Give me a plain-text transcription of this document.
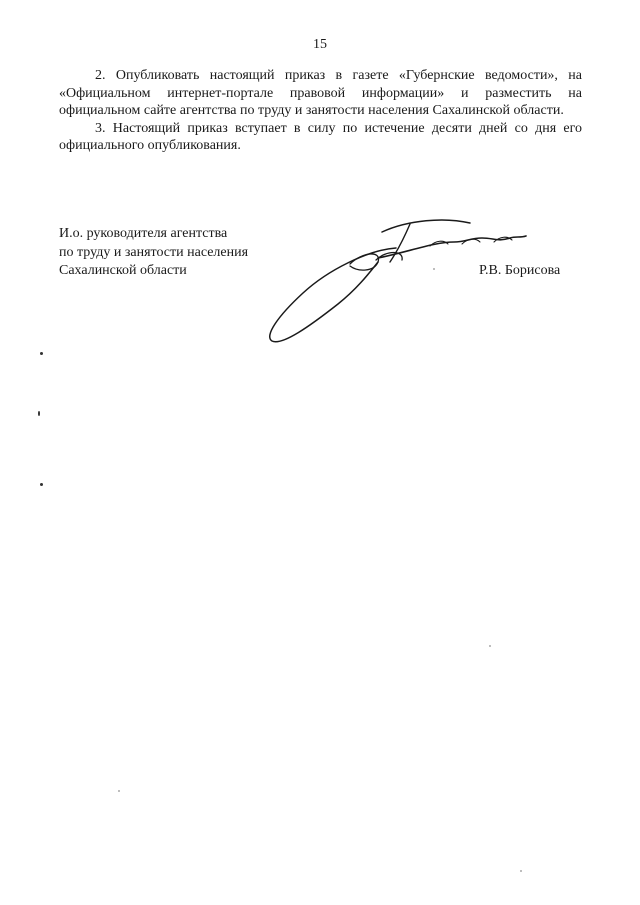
15

2. Опубликовать настоящий приказ в газете «Губернские ведомости», на «Официальном интернет-портале правовой информации» и разместить на официальном сайте агентства по труду и занятости населения Сахалинской области.

3. Настоящий приказ вступает в силу по истечение десяти дней со дня его официального опубликования.

И.о. руководителя агентства
по труду и занятости населения
Сахалинской области	Р.В. Борисова
